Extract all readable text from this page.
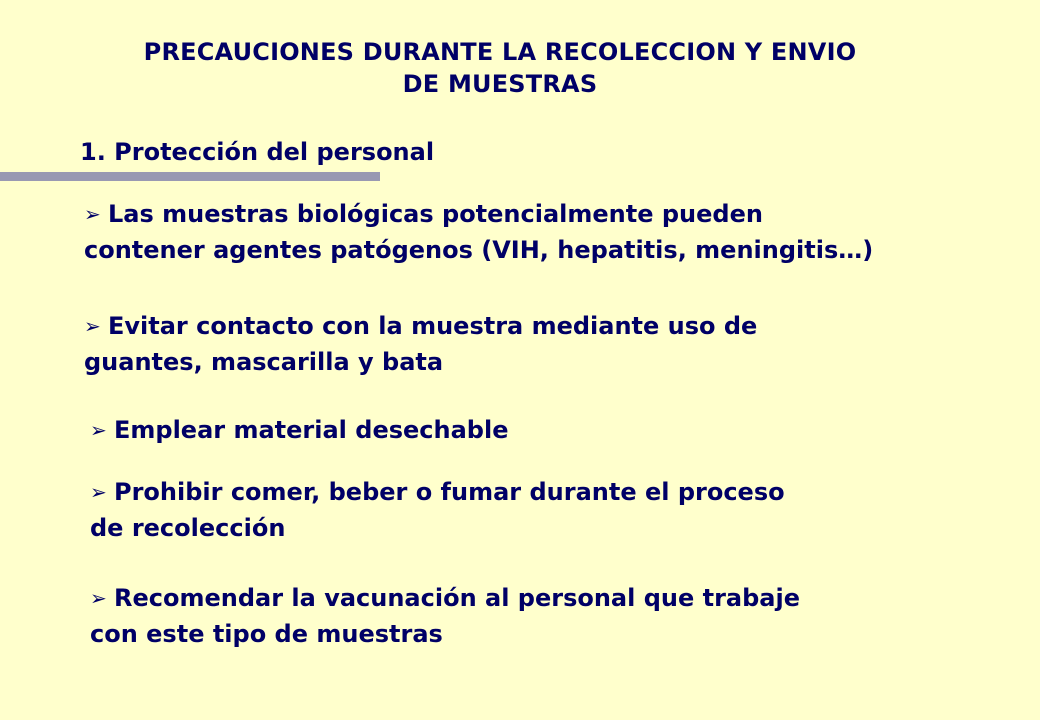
PRECAUCIONES DURANTE LA RECOLECCION Y ENVIO
DE MUESTRAS
1. Protección del personal
➢ Las muestras biológicas potencialmente pueden
contener agentes patógenos (VIH, hepatitis, meningitis…)
➢ Evitar contacto con la muestra mediante uso de
guantes, mascarilla y bata
➢ Emplear material desechable
➢ Prohibir comer, beber o fumar durante el proceso
de recolección
➢ Recomendar la vacunación al personal que trabaje
con este tipo de muestras
